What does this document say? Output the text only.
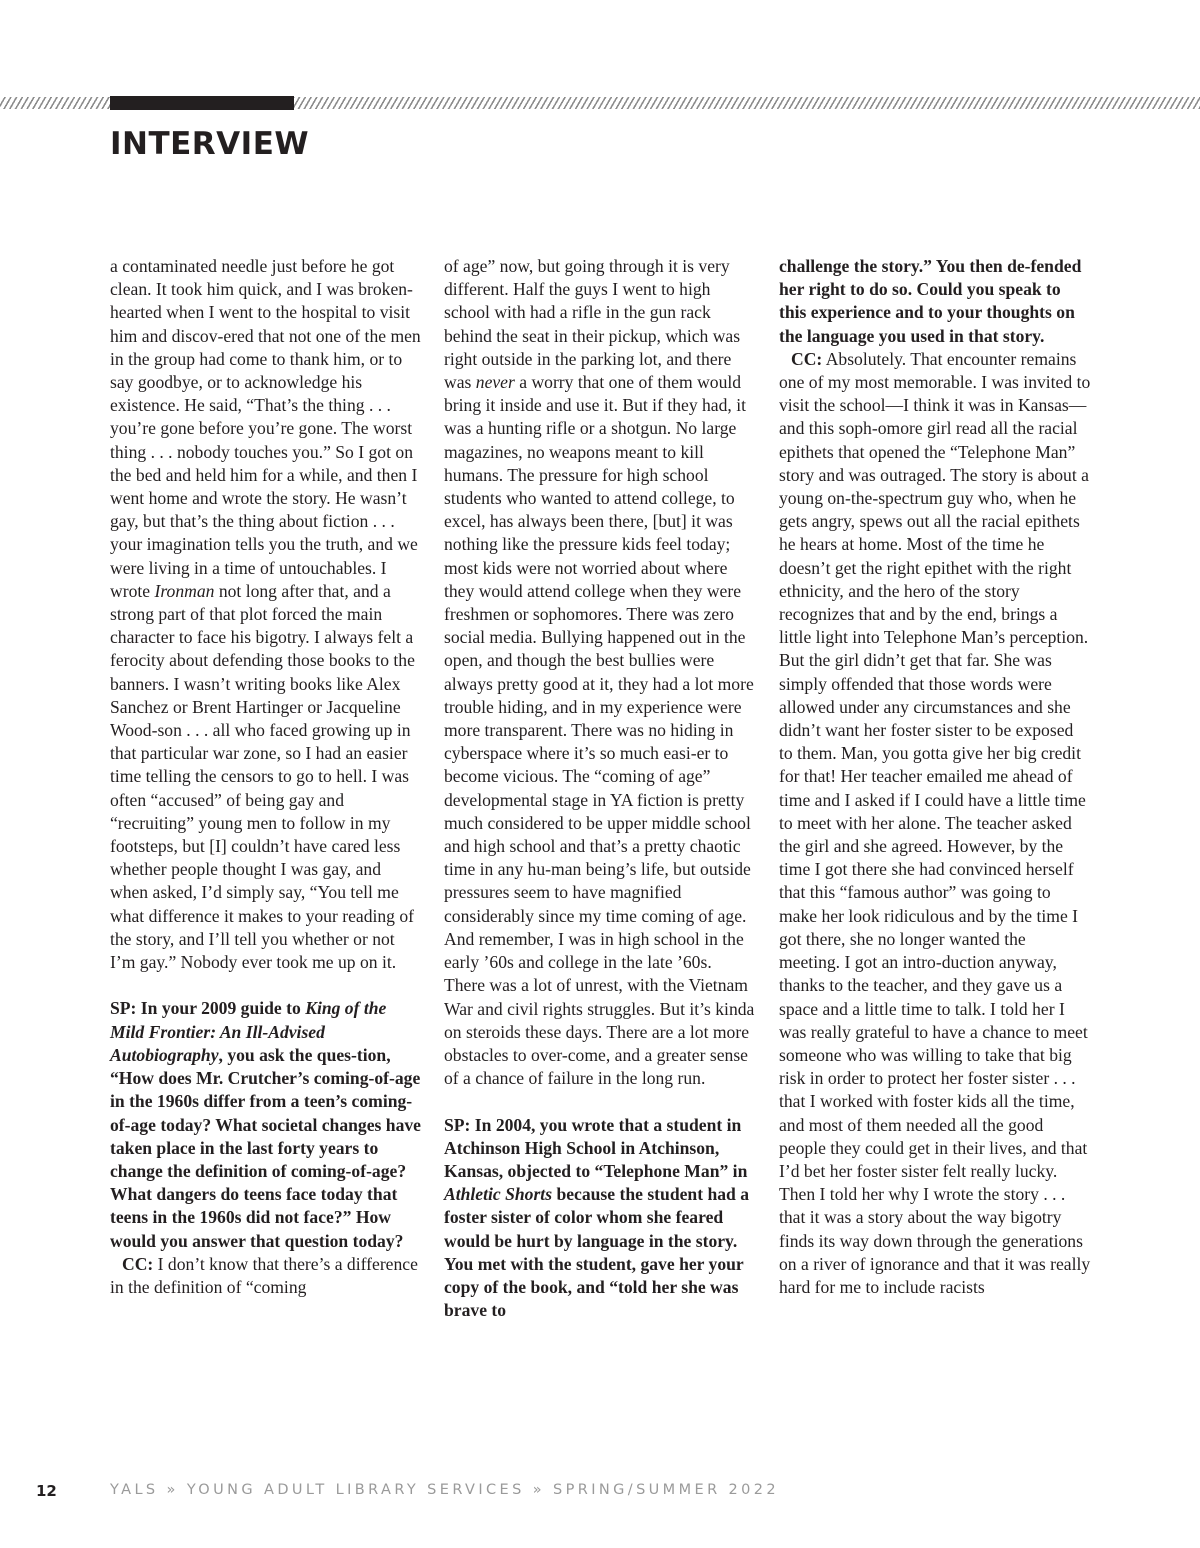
INTERVIEW

a contaminated needle just before he got clean. It took him quick, and I was broken-hearted when I went to the hospital to visit him and discov-ered that not one of the men in the group had come to thank him, or to say goodbye, or to acknowledge his existence. He said, “That’s the thing . . . you’re gone before you’re gone. The worst thing . . . nobody touches you.” So I got on the bed and held him for a while, and then I went home and wrote the story. He wasn’t gay, but that’s the thing about fiction . . . your imagination tells you the truth, and we were living in a time of untouchables. I wrote Ironman not long after that, and a strong part of that plot forced the main character to face his bigotry. I always felt a ferocity about defending those books to the banners. I wasn’t writing books like Alex Sanchez or Brent Hartinger or Jacqueline Wood-son . . . all who faced growing up in that particular war zone, so I had an easier time telling the censors to go to hell. I was often “accused” of being gay and “recruiting” young men to follow in my footsteps, but [I] couldn’t have cared less whether people thought I was gay, and when asked, I’d simply say, “You tell me what difference it makes to your reading of the story, and I’ll tell you whether or not I’m gay.” Nobody ever took me up on it.

SP: In your 2009 guide to King of the Mild Frontier: An Ill-Advised Autobiography, you ask the ques-tion, “How does Mr. Crutcher’s coming-of-age in the 1960s differ from a teen’s coming-of-age today? What societal changes have taken place in the last forty years to change the definition of coming-of-age? What dangers do teens face today that teens in the 1960s did not face?” How would you answer that question today?

CC: I don’t know that there’s a difference in the definition of “coming

of age” now, but going through it is very different. Half the guys I went to high school with had a rifle in the gun rack behind the seat in their pickup, which was right outside in the parking lot, and there was never a worry that one of them would bring it inside and use it. But if they had, it was a hunting rifle or a shotgun. No large magazines, no weapons meant to kill humans. The pressure for high school students who wanted to attend college, to excel, has always been there, [but] it was nothing like the pressure kids feel today; most kids were not worried about where they would attend college when they were freshmen or sophomores. There was zero social media. Bullying happened out in the open, and though the best bullies were always pretty good at it, they had a lot more trouble hiding, and in my experience were more transparent. There was no hiding in cyberspace where it’s so much easi-er to become vicious. The “coming of age” developmental stage in YA fiction is pretty much considered to be upper middle school and high school and that’s a pretty chaotic time in any hu-man being’s life, but outside pressures seem to have magnified considerably since my time coming of age. And remember, I was in high school in the early ’60s and college in the late ’60s. There was a lot of unrest, with the Vietnam War and civil rights struggles. But it’s kinda on steroids these days. There are a lot more obstacles to over-come, and a greater sense of a chance of failure in the long run.

SP: In 2004, you wrote that a student in Atchinson High School in Atchinson, Kansas, objected to “Telephone Man” in Athletic Shorts because the student had a foster sister of color whom she feared would be hurt by language in the story. You met with the student, gave her your copy of the book, and “told her she was brave to

challenge the story.” You then de-fended her right to do so. Could you speak to this experience and to your thoughts on the language you used in that story.

CC: Absolutely. That encounter remains one of my most memorable. I was invited to visit the school—I think it was in Kansas—and this soph-omore girl read all the racial epithets that opened the “Telephone Man” story and was outraged. The story is about a young on-the-spectrum guy who, when he gets angry, spews out all the racial epithets he hears at home. Most of the time he doesn’t get the right epithet with the right ethnicity, and the hero of the story recognizes that and by the end, brings a little light into Telephone Man’s perception. But the girl didn’t get that far. She was simply offended that those words were allowed under any circumstances and she didn’t want her foster sister to be exposed to them. Man, you gotta give her big credit for that! Her teacher emailed me ahead of time and I asked if I could have a little time to meet with her alone. The teacher asked the girl and she agreed. However, by the time I got there she had convinced herself that this “famous author” was going to make her look ridiculous and by the time I got there, she no longer wanted the meeting. I got an intro-duction anyway, thanks to the teacher, and they gave us a space and a little time to talk. I told her I was really grateful to have a chance to meet someone who was willing to take that big risk in order to protect her foster sister . . . that I worked with foster kids all the time, and most of them needed all the good people they could get in their lives, and that I’d bet her foster sister felt really lucky. Then I told her why I wrote the story . . . that it was a story about the way bigotry finds its way down through the generations on a river of ignorance and that it was really hard for me to include racists

12	YALS » YOUNG ADULT LIBRARY SERVICES » SPRING/SUMMER 2022
